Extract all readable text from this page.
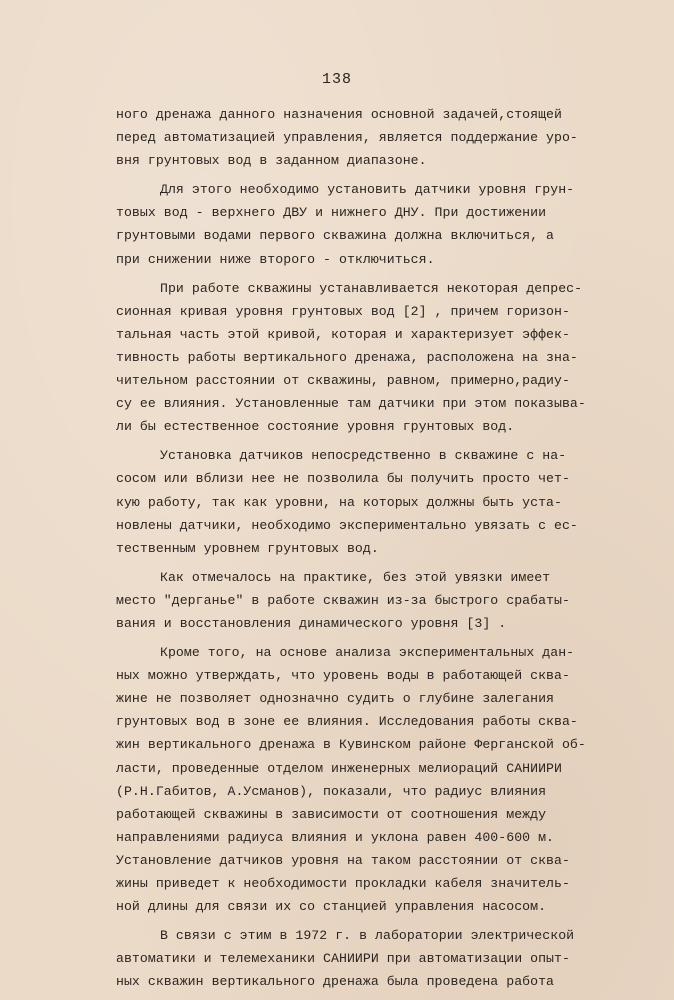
138
ного дренажа данного назначения основной задачей,стоящей
перед автоматизацией управления, является поддержание уро-
вня грунтовых вод в заданном диапазоне.
Для этого необходимо установить датчики уровня грун-
товых вод - верхнего ДВУ и нижнего ДНУ. При достижении
грунтовыми водами первого скважина должна включиться, а
при снижении ниже второго - отключиться.
При работе скважины устанавливается некоторая депрес-
сионная кривая уровня грунтовых вод [2] , причем горизон-
тальная часть этой кривой, которая и характеризует эффек-
тивность работы вертикального дренажа, расположена на зна-
чительном расстоянии от скважины, равном, примерно,радиу-
су ее влияния. Установленные там датчики при этом показыва-
ли бы естественное состояние уровня грунтовых вод.
Установка датчиков непосредственно в скважине с нa-
сосом или вблизи нее не позволила бы получить просто чет-
кую работу, так как уровни, на которых должны быть уста-
новлены датчики, необходимо экспериментально увязать с ес-
тественным уровнем грунтовых вод.
Как отмечалось на практике, без этой увязки имеет
место "дерганье" в работе скважин из-за быстрого срабаты-
вания и восстановления динамического уровня [3] .
Кроме того, на основе анализа экспериментальных дан-
ных можно утверждать, что уровень воды в работающей сква-
жине не позволяет однозначно судить о глубине залегания
грунтовых вод в зоне ее влияния. Исследования работы сква-
жин вертикального дренажа в Кувинском районе Ферганской об-
ласти, проведенные отделом инженерных мелиораций САНИИРИ
(Р.Н.Габитов, А.Усманов), показали, что радиус влияния
работающей скважины в зависимости от соотношения между
направлениями радиуса влияния и уклона равен 400-600 м.
Установление датчиков уровня на таком расстоянии от сква-
жины приведет к необходимости прокладки кабеля значитель-
ной длины для связи их со станцией управления насосом.
В связи с этим в 1972 г. в лаборатории электрической
автоматики и телемеханики САНИИРИ при автоматизации опыт-
ных скважин вертикального дренажа была проведена работа
